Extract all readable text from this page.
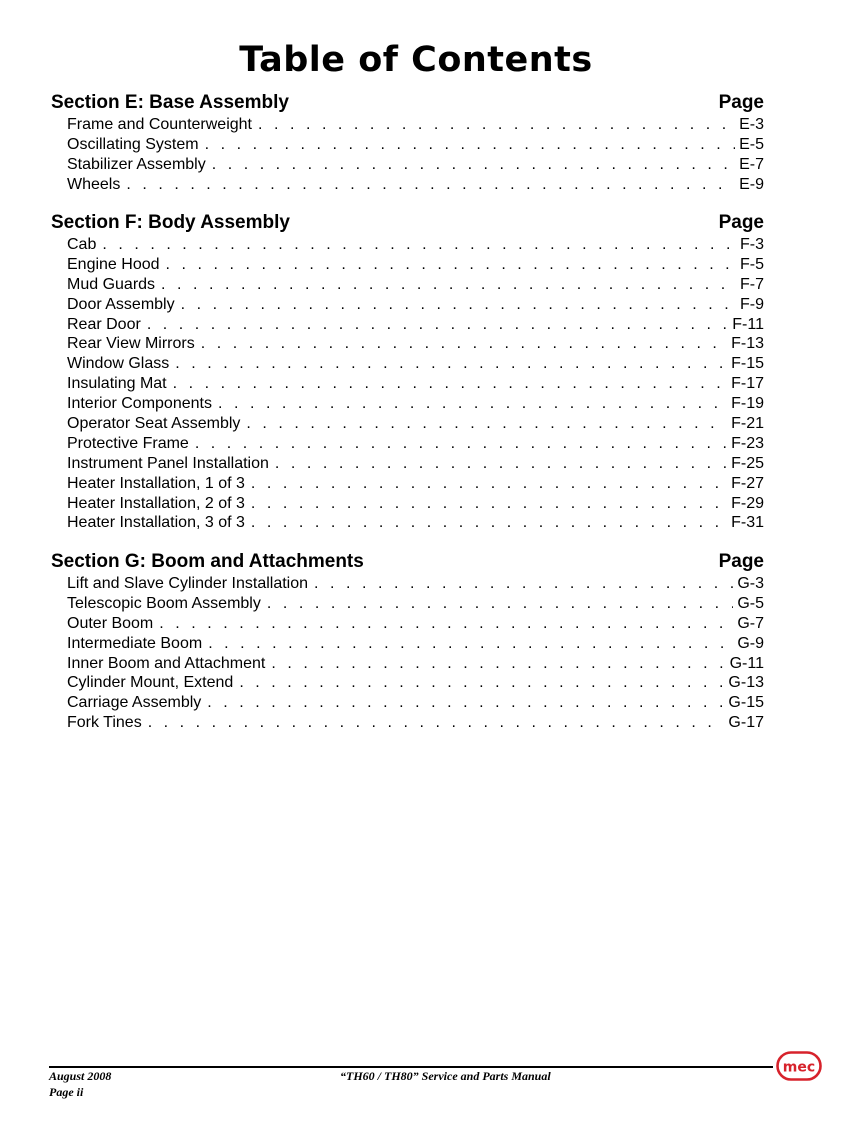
Table of Contents
Section E: Base Assembly	Page
Frame and Counterweight . . .	E-3
Oscillating System . . .	E-5
Stabilizer Assembly . . .	E-7
Wheels . . .	E-9
Section F: Body Assembly	Page
Cab . . .	F-3
Engine Hood . . .	F-5
Mud Guards . . .	F-7
Door Assembly . . .	F-9
Rear Door . . .	F-11
Rear View Mirrors . . .	F-13
Window Glass . . .	F-15
Insulating Mat . . .	F-17
Interior Components . . .	F-19
Operator Seat Assembly . . .	F-21
Protective Frame . . .	F-23
Instrument Panel Installation . . .	F-25
Heater Installation, 1 of 3 . . .	F-27
Heater Installation, 2 of 3 . . .	F-29
Heater Installation, 3 of 3 . . .	F-31
Section G: Boom and Attachments	Page
Lift and Slave Cylinder Installation . . .	G-3
Telescopic Boom Assembly . . .	G-5
Outer Boom . . .	G-7
Intermediate Boom . . .	G-9
Inner Boom and Attachment . . .	G-11
Cylinder Mount, Extend . . .	G-13
Carriage Assembly . . .	G-15
Fork Tines . . .	G-17
August 2008
Page ii
“TH60 / TH80” Service and Parts Manual
mec
